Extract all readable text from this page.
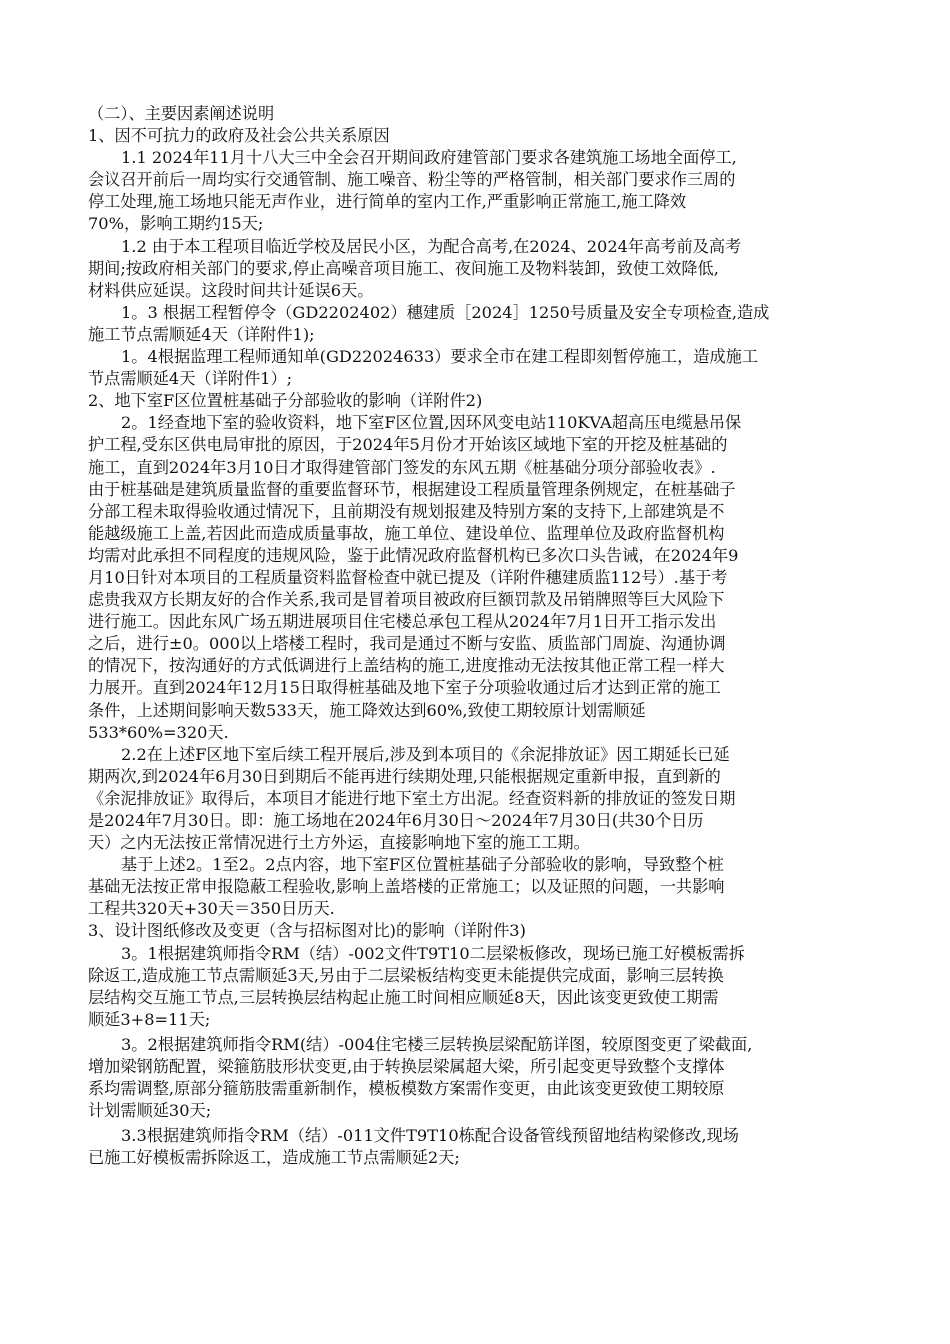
（二）、主要因素阐述说明
1、因不可抗力的政府及社会公共关系原因
1.1 2024年11月十八大三中全会召开期间政府建管部门要求各建筑施工场地全面停工,
会议召开前后一周均实行交通管制、施工噪音、粉尘等的严格管制，相关部门要求作三周的
停工处理,施工场地只能无声作业，进行简单的室内工作,严重影响正常施工,施工降效
70%，影响工期约15天;
1.2 由于本工程项目临近学校及居民小区，为配合高考,在2024、2024年高考前及高考
期间;按政府相关部门的要求,停止高噪音项目施工、夜间施工及物料装卸，致使工效降低,
材料供应延误。这段时间共计延误6天。
1。3 根据工程暂停令（GD2202402）穗建质［2024］1250号质量及安全专项检查,造成
施工节点需顺延4天（详附件1);
1。4根据监理工程师通知单(GD22024633）要求全市在建工程即刻暂停施工，造成施工
节点需顺延4天（详附件1）;
2、地下室F区位置桩基础子分部验收的影响（详附件2)
2。1经查地下室的验收资料，地下室F区位置,因环风变电站110KVA超高压电缆悬吊保
护工程,受东区供电局审批的原因，于2024年5月份才开始该区域地下室的开挖及桩基础的
施工，直到2024年3月10日才取得建管部门签发的东风五期《桩基础分项分部验收表》.
由于桩基础是建筑质量监督的重要监督环节，根据建设工程质量管理条例规定，在桩基础子
分部工程未取得验收通过情况下，且前期没有规划报建及特别方案的支持下,上部建筑是不
能越级施工上盖,若因此而造成质量事故，施工单位、建设单位、监理单位及政府监督机构
均需对此承担不同程度的违规风险，鉴于此情况政府监督机构已多次口头告诫，在2024年9
月10日针对本项目的工程质量资料监督检查中就已提及（详附件穗建质监112号）.基于考
虑贵我双方长期友好的合作关系,我司是冒着项目被政府巨额罚款及吊销牌照等巨大风险下
进行施工。因此东风广场五期进展项目住宅楼总承包工程从2024年7月1日开工指示发出
之后，进行±0。000以上塔楼工程时，我司是通过不断与安监、质监部门周旋、沟通协调
的情况下，按沟通好的方式低调进行上盖结构的施工,进度推动无法按其他正常工程一样大
力展开。直到2024年12月15日取得桩基础及地下室子分项验收通过后才达到正常的施工
条件，上述期间影响天数533天，施工降效达到60%,致使工期较原计划需顺延
533*60%=320天.
2.2在上述F区地下室后续工程开展后,涉及到本项目的《余泥排放证》因工期延长已延
期两次,到2024年6月30日到期后不能再进行续期处理,只能根据规定重新申报，直到新的
《余泥排放证》取得后，本项目才能进行地下室土方出泥。经查资料新的排放证的签发日期
是2024年7月30日。即：施工场地在2024年6月30日～2024年7月30日(共30个日历
天）之内无法按正常情况进行土方外运，直接影响地下室的施工工期。
基于上述2。1至2。2点内容，地下室F区位置桩基础子分部验收的影响，导致整个桩
基础无法按正常申报隐蔽工程验收,影响上盖塔楼的正常施工；以及证照的问题，一共影响
工程共320天+30天＝350日历天.
3、设计图纸修改及变更（含与招标图对比)的影响（详附件3)
3。1根据建筑师指令RM（结）-002文件T9T10二层梁板修改，现场已施工好模板需拆
除返工,造成施工节点需顺延3天,另由于二层梁板结构变更未能提供完成面，影响三层转换
层结构交互施工节点,三层转换层结构起止施工时间相应顺延8天，因此该变更致使工期需
顺延3+8=11天;
3。2根据建筑师指令RM(结）-004住宅楼三层转换层梁配筋详图，较原图变更了梁截面,
增加梁钢筋配置，梁箍筋肢形状变更,由于转换层梁属超大梁，所引起变更导致整个支撑体
系均需调整,原部分箍筋肢需重新制作，模板模数方案需作变更，由此该变更致使工期较原
计划需顺延30天;
3.3根据建筑师指令RM（结）-011文件T9T10栋配合设备管线预留地结构梁修改,现场
已施工好模板需拆除返工，造成施工节点需顺延2天;
